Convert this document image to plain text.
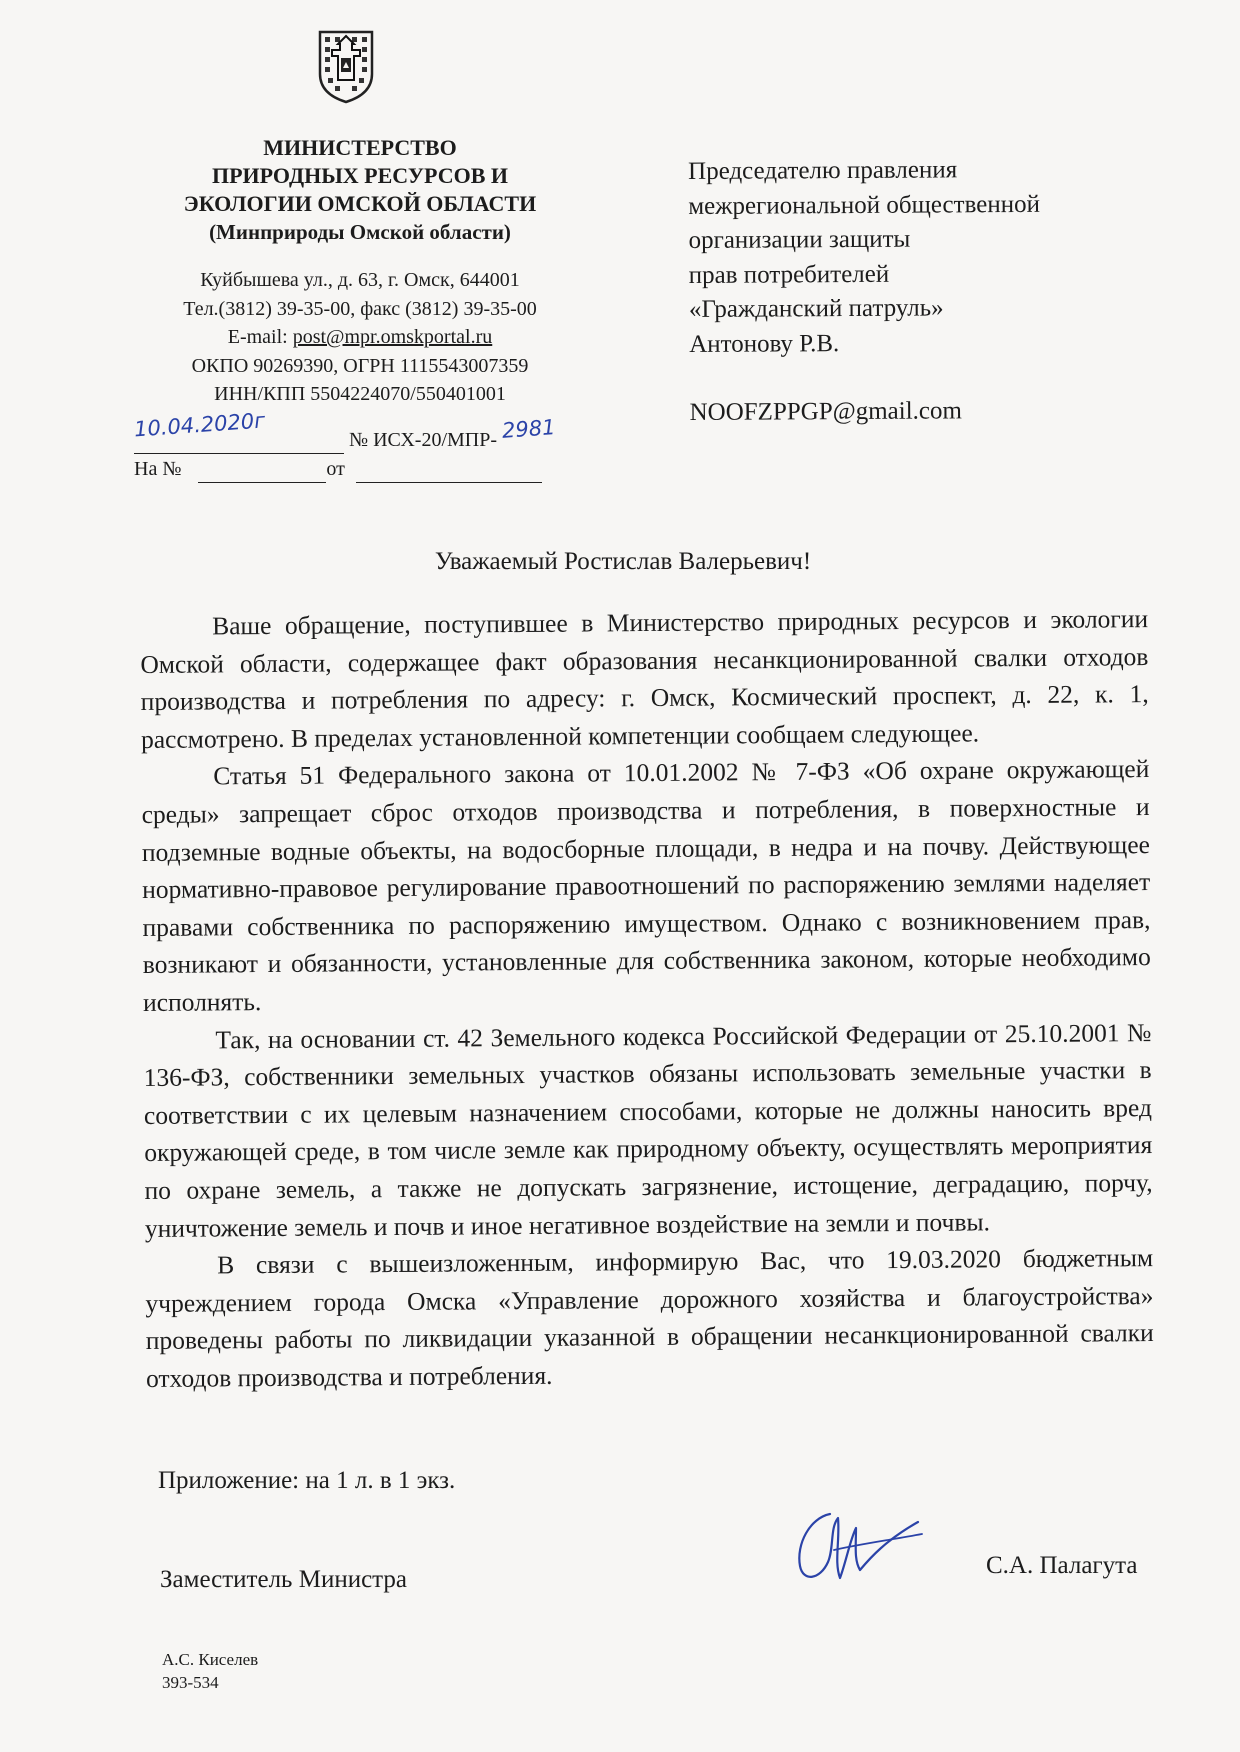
МИНИСТЕРСТВО
ПРИРОДНЫХ РЕСУРСОВ И
ЭКОЛОГИИ ОМСКОЙ ОБЛАСТИ
(Минприроды Омской области)
Куйбышева ул., д. 63, г. Омск, 644001
Тел.(3812) 39-35-00, факс (3812) 39-35-00
E-mail: post@mpr.omskportal.ru
ОКПО 90269390, ОГРН 1115543007359
ИНН/КПП 5504224070/550401001
10.04.2020г	№ ИСХ-20/МПР- 2981
На №	от
Председателю правления
межрегиональной общественной
организации защиты
прав потребителей
«Гражданский патруль»
Антонову Р.В.
NOOFZPPGP@gmail.com
Уважаемый Ростислав Валерьевич!

Ваше обращение, поступившее в Министерство природных ресурсов и экологии Омской области, содержащее факт образования несанкционированной свалки отходов производства и потребления по адресу: г. Омск, Космический проспект, д. 22, к. 1, рассмотрено. В пределах установленной компетенции сообщаем следующее.

Статья 51 Федерального закона от 10.01.2002 № 7-ФЗ «Об охране окружающей среды» запрещает сброс отходов производства и потребления, в поверхностные и подземные водные объекты, на водосборные площади, в недра и на почву. Действующее нормативно-правовое регулирование правоотношений по распоряжению землями наделяет правами собственника по распоряжению имуществом. Однако с возникновением прав, возникают и обязанности, установленные для собственника законом, которые необходимо исполнять.

Так, на основании ст. 42 Земельного кодекса Российской Федерации от 25.10.2001 № 136-ФЗ, собственники земельных участков обязаны использовать земельные участки в соответствии с их целевым назначением способами, которые не должны наносить вред окружающей среде, в том числе земле как природному объекту, осуществлять мероприятия по охране земель, а также не допускать загрязнение, истощение, деградацию, порчу, уничтожение земель и почв и иное негативное воздействие на земли и почвы.

В связи с вышеизложенным, информирую Вас, что 19.03.2020 бюджетным учреждением города Омска «Управление дорожного хозяйства и благоустройства» проведены работы по ликвидации указанной в обращении несанкционированной свалки отходов производства и потребления.

Приложение: на 1 л. в 1 экз.
Заместитель Министра
С.А. Палагута
А.С. Киселев
393-534
